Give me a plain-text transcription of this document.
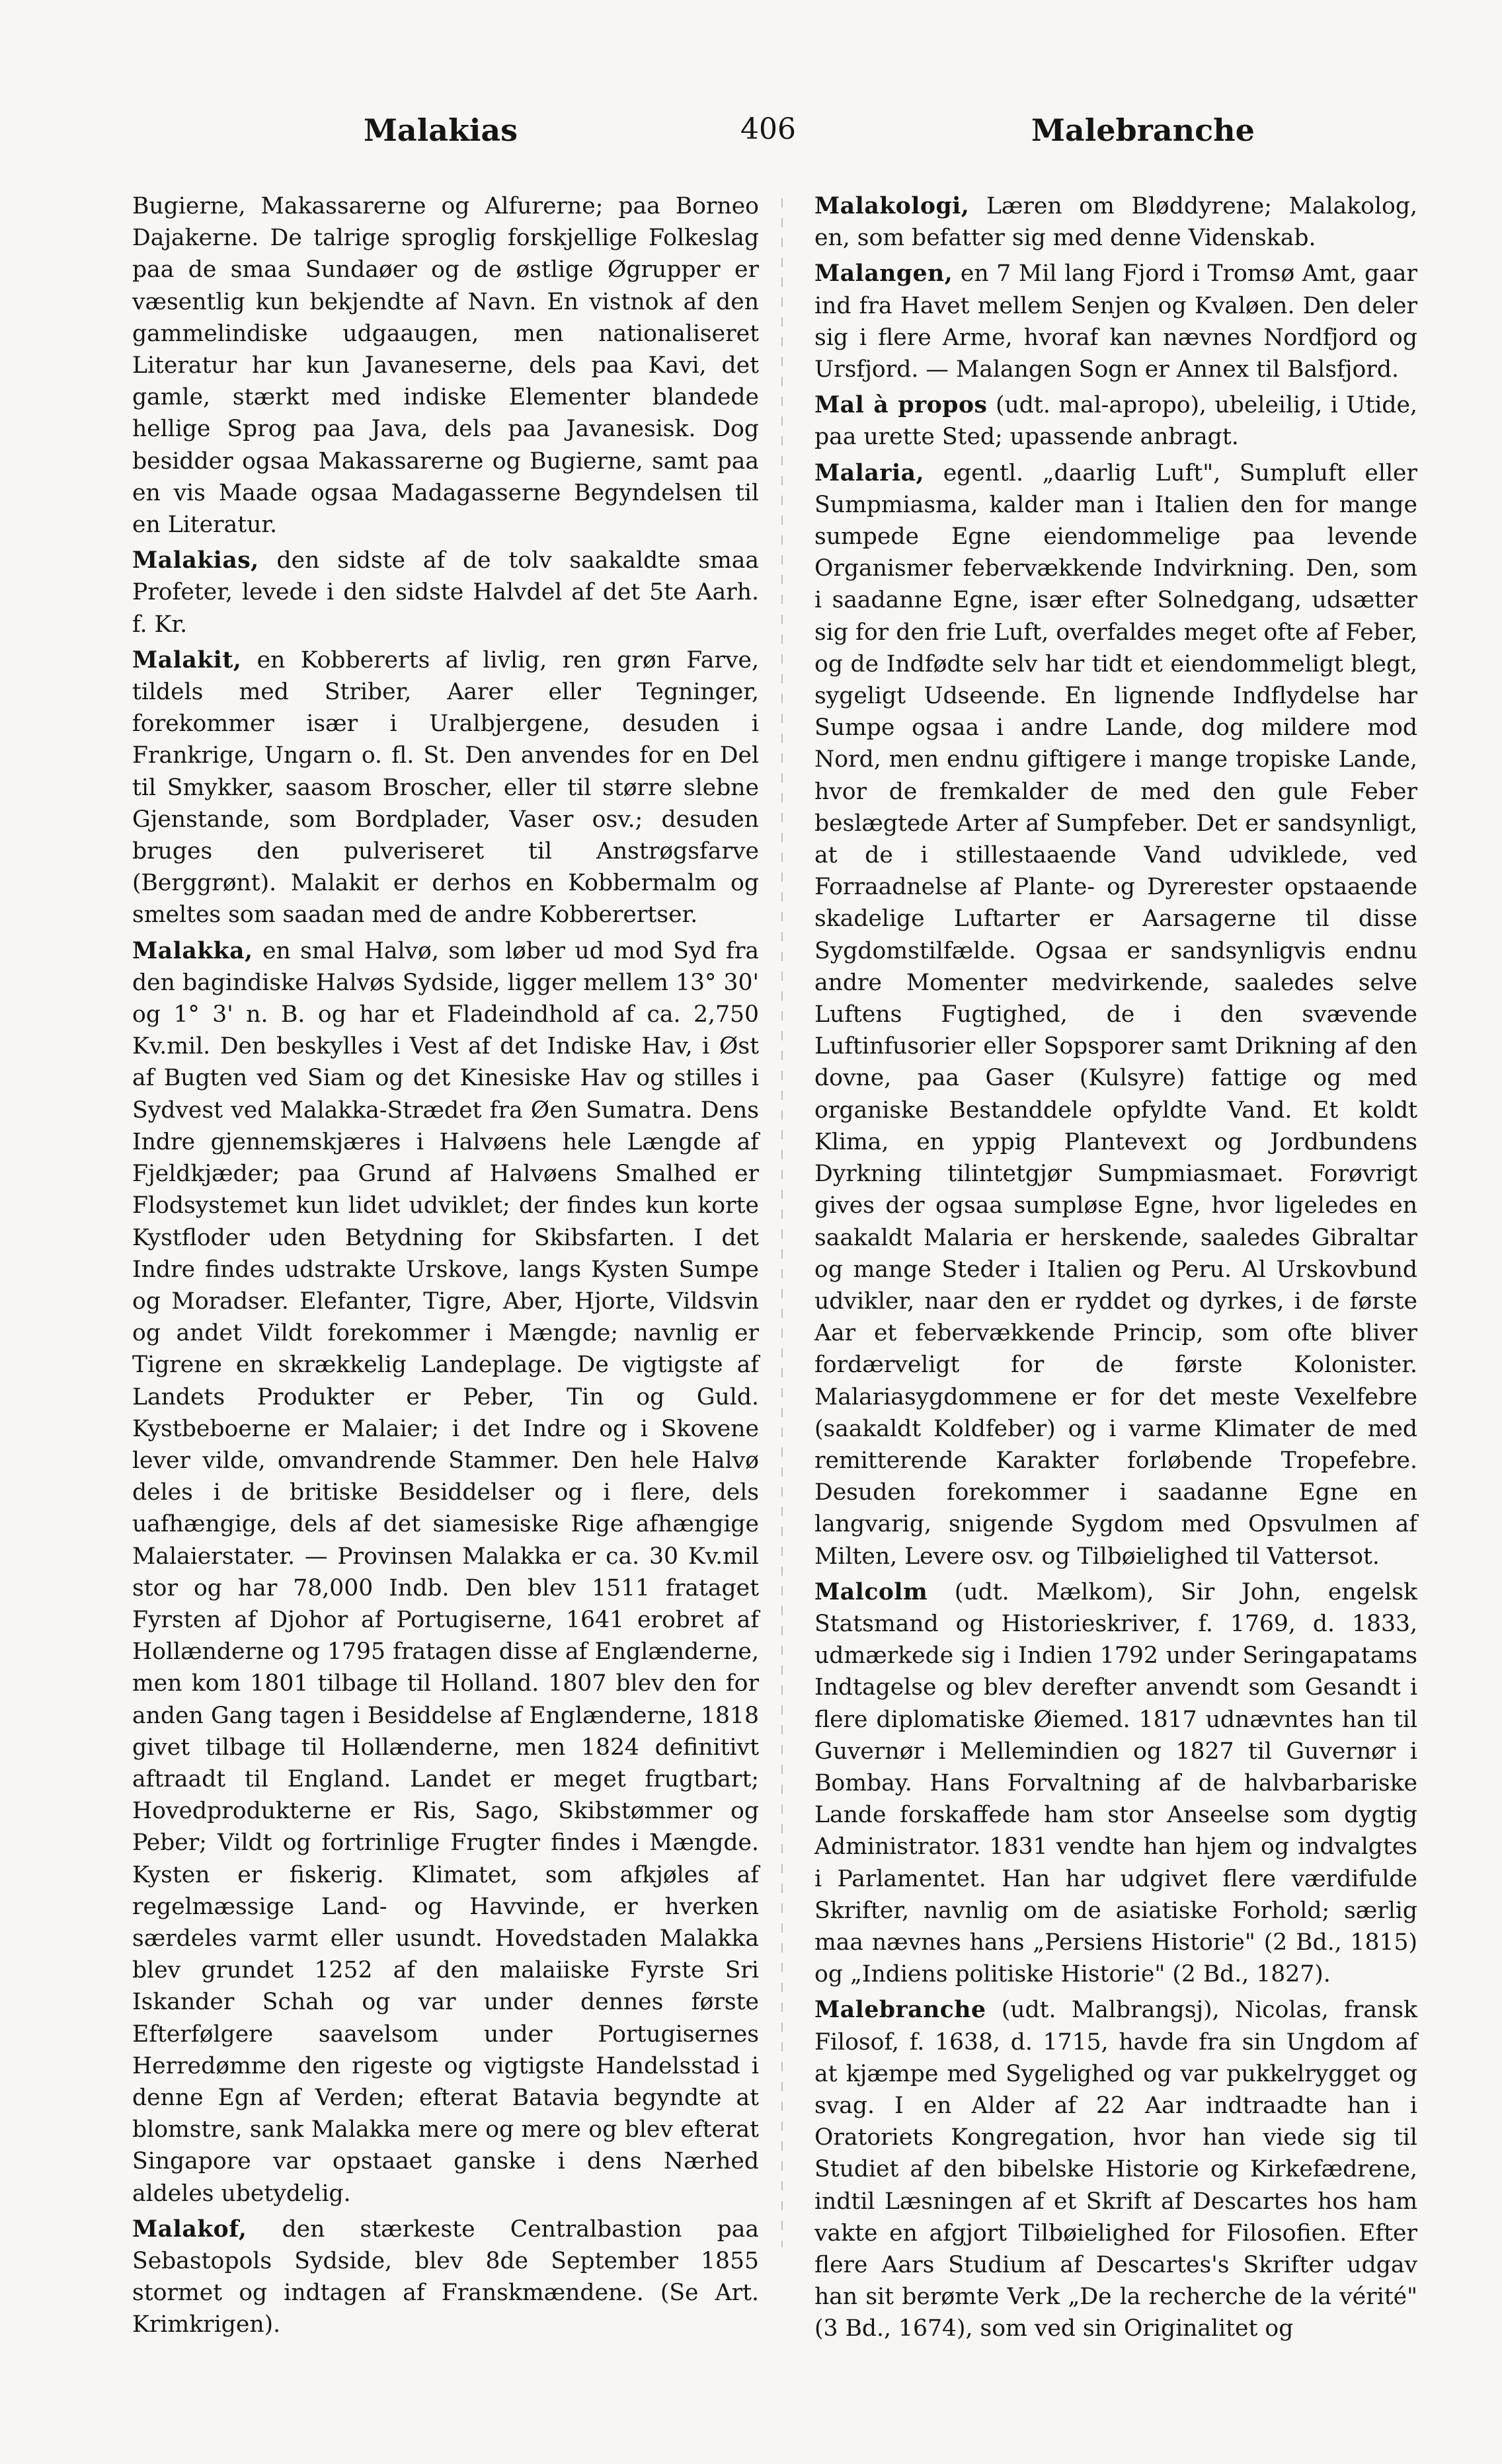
Malakias	406	Malebranche

Bugierne, Makassarerne og Alfurerne; paa Borneo Dajakerne. De talrige sproglig forskjellige Folkeslag paa de smaa Sundaøer og de østlige Øgrupper er væsentlig kun bekjendte af Navn. En vistnok af den gammelindiske udgaaugen, men nationaliseret Literatur har kun Javaneserne, dels paa Kavi, det gamle, stærkt med indiske Elementer blandede hellige Sprog paa Java, dels paa Javanesisk. Dog besidder ogsaa Makassarerne og Bugierne, samt paa en vis Maade ogsaa Madagasserne Begyndelsen til en Literatur.

Malakias, den sidste af de tolv saakaldte smaa Profeter, levede i den sidste Halvdel af det 5te Aarh. f. Kr.

Malakit, en Kobbererts af livlig, ren grøn Farve, tildels med Striber, Aarer eller Tegninger, forekommer især i Uralbjergene, desuden i Frankrige, Ungarn o. fl. St. Den anvendes for en Del til Smykker, saasom Broscher, eller til større slebne Gjenstande, som Bordplader, Vaser osv.; desuden bruges den pulveriseret til Anstrøgsfarve (Berggrønt). Malakit er derhos en Kobbermalm og smeltes som saadan med de andre Kobberertser.

Malakka, en smal Halvø, som løber ud mod Syd fra den bagindiske Halvøs Sydside, ligger mellem 13° 30' og 1° 3' n. B. og har et Fladeindhold af ca. 2,750 Kv.mil. Den beskylles i Vest af det Indiske Hav, i Øst af Bugten ved Siam og det Kinesiske Hav og stilles i Sydvest ved Malakka-Strædet fra Øen Sumatra. Dens Indre gjennemskjæres i Halvøens hele Længde af Fjeldkjæder; paa Grund af Halvøens Smalhed er Flodsystemet kun lidet udviklet; der findes kun korte Kystfloder uden Betydning for Skibsfarten. I det Indre findes udstrakte Urskove, langs Kysten Sumpe og Moradser. Elefanter, Tigre, Aber, Hjorte, Vildsvin og andet Vildt forekommer i Mængde; navnlig er Tigrene en skrækkelig Landeplage. De vigtigste af Landets Produkter er Peber, Tin og Guld. Kystbeboerne er Malaier; i det Indre og i Skovene lever vilde, omvandrende Stammer. Den hele Halvø deles i de britiske Besiddelser og i flere, dels uafhængige, dels af det siamesiske Rige afhængige Malaierstater. — Provinsen Malakka er ca. 30 Kv.mil stor og har 78,000 Indb. Den blev 1511 frataget Fyrsten af Djohor af Portugiserne, 1641 erobret af Hollænderne og 1795 fratagen disse af Englænderne, men kom 1801 tilbage til Holland. 1807 blev den for anden Gang tagen i Besiddelse af Englænderne, 1818 givet tilbage til Hollænderne, men 1824 definitivt aftraadt til England. Landet er meget frugtbart; Hovedprodukterne er Ris, Sago, Skibstømmer og Peber; Vildt og fortrinlige Frugter findes i Mængde. Kysten er fiskerig. Klimatet, som afkjøles af regelmæssige Land- og Havvinde, er hverken særdeles varmt eller usundt. Hovedstaden Malakka blev grundet 1252 af den malaiiske Fyrste Sri Iskander Schah og var under dennes første Efterfølgere saavelsom under Portugisernes Herredømme den rigeste og vigtigste Handelsstad i denne Egn af Verden; efterat Batavia begyndte at blomstre, sank Malakka mere og mere og blev efterat Singapore var opstaaet ganske i dens Nærhed aldeles ubetydelig.

Malakof, den stærkeste Centralbastion paa Sebastopols Sydside, blev 8de September 1855 stormet og indtagen af Franskmændene. (Se Art. Krimkrigen).

Malakologi, Læren om Bløddyrene; Malakolog, en, som befatter sig med denne Videnskab.

Malangen, en 7 Mil lang Fjord i Tromsø Amt, gaar ind fra Havet mellem Senjen og Kvaløen. Den deler sig i flere Arme, hvoraf kan nævnes Nordfjord og Ursfjord. — Malangen Sogn er Annex til Balsfjord.

Mal à propos (udt. mal-apropo), ubeleilig, i Utide, paa urette Sted; upassende anbragt.

Malaria, egentl. „daarlig Luft", Sumpluft eller Sumpmiasma, kalder man i Italien den for mange sumpede Egne eiendommelige paa levende Organismer febervækkende Indvirkning. Den, som i saadanne Egne, især efter Solnedgang, udsætter sig for den frie Luft, overfaldes meget ofte af Feber, og de Indfødte selv har tidt et eiendommeligt blegt, sygeligt Udseende. En lignende Indflydelse har Sumpe ogsaa i andre Lande, dog mildere mod Nord, men endnu giftigere i mange tropiske Lande, hvor de fremkalder de med den gule Feber beslægtede Arter af Sumpfeber. Det er sandsynligt, at de i stillestaaende Vand udviklede, ved Forraadnelse af Plante- og Dyrerester opstaaende skadelige Luftarter er Aarsagerne til disse Sygdomstilfælde. Ogsaa er sandsynligvis endnu andre Momenter medvirkende, saaledes selve Luftens Fugtighed, de i den svævende Luftinfusorier eller Sopsporer samt Drikning af den dovne, paa Gaser (Kulsyre) fattige og med organiske Bestanddele opfyldte Vand. Et koldt Klima, en yppig Plantevext og Jordbundens Dyrkning tilintetgjør Sumpmiasmaet. Forøvrigt gives der ogsaa sumpløse Egne, hvor ligeledes en saakaldt Malaria er herskende, saaledes Gibraltar og mange Steder i Italien og Peru. Al Urskovbund udvikler, naar den er ryddet og dyrkes, i de første Aar et febervækkende Princip, som ofte bliver fordærveligt for de første Kolonister. Malariasygdommene er for det meste Vexelfebre (saakaldt Koldfeber) og i varme Klimater de med remitterende Karakter forløbende Tropefebre. Desuden forekommer i saadanne Egne en langvarig, snigende Sygdom med Opsvulmen af Milten, Levere osv. og Tilbøielighed til Vattersot.

Malcolm (udt. Mælkom), Sir John, engelsk Statsmand og Historieskriver, f. 1769, d. 1833, udmærkede sig i Indien 1792 under Seringapatams Indtagelse og blev derefter anvendt som Gesandt i flere diplomatiske Øiemed. 1817 udnævntes han til Guvernør i Mellemindien og 1827 til Guvernør i Bombay. Hans Forvaltning af de halvbarbariske Lande forskaffede ham stor Anseelse som dygtig Administrator. 1831 vendte han hjem og indvalgtes i Parlamentet. Han har udgivet flere værdifulde Skrifter, navnlig om de asiatiske Forhold; særlig maa nævnes hans „Persiens Historie" (2 Bd., 1815) og „Indiens politiske Historie" (2 Bd., 1827).

Malebranche (udt. Malbrangsj), Nicolas, fransk Filosof, f. 1638, d. 1715, havde fra sin Ungdom af at kjæmpe med Sygelighed og var pukkelrygget og svag. I en Alder af 22 Aar indtraadte han i Oratoriets Kongregation, hvor han viede sig til Studiet af den bibelske Historie og Kirkefædrene, indtil Læsningen af et Skrift af Descartes hos ham vakte en afgjort Tilbøielighed for Filosofien. Efter flere Aars Studium af Descartes's Skrifter udgav han sit berømte Verk „De la recherche de la vérité" (3 Bd., 1674), som ved sin Originalitet og
